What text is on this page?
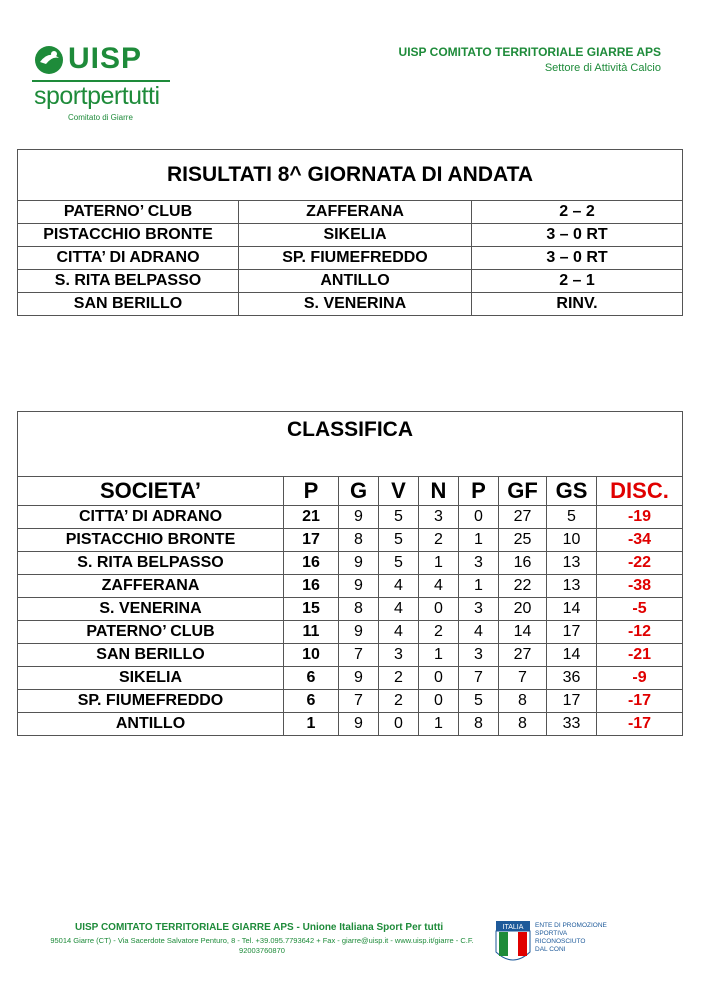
UISP
sportpertutti
Comitato di Giarre
UISP COMITATO TERRITORIALE GIARRE APS
Settore di Attività Calcio
RISULTATI 8^ GIORNATA DI ANDATA		
PATERNO’ CLUB	ZAFFERANA	2 – 2
PISTACCHIO BRONTE	SIKELIA	3 – 0 RT
CITTA’ DI ADRANO	SP. FIUMEFREDDO	3 – 0 RT
S. RITA BELPASSO	ANTILLO	2 – 1
SAN BERILLO	S. VENERINA	RINV.
CLASSIFICA								
SOCIETA’	P	G	V	N	P	GF	GS	DISC.
CITTA’ DI ADRANO	21	9	5	3	0	27	5	-19
PISTACCHIO BRONTE	17	8	5	2	1	25	10	-34
S. RITA BELPASSO	16	9	5	1	3	16	13	-22
ZAFFERANA	16	9	4	4	1	22	13	-38
S. VENERINA	15	8	4	0	3	20	14	-5
PATERNO’ CLUB	11	9	4	2	4	14	17	-12
SAN BERILLO	10	7	3	1	3	27	14	-21
SIKELIA	6	9	2	0	7	7	36	-9
SP. FIUMEFREDDO	6	7	2	0	5	8	17	-17
ANTILLO	1	9	0	1	8	8	33	-17
UISP COMITATO TERRITORIALE GIARRE APS - Unione Italiana Sport Per tutti
95014 Giarre (CT) - Via Sacerdote Salvatore Penturo, 8 - Tel. +39.095.7793642 + Fax - giarre@uisp.it - www.uisp.it/giarre - C.F. 92003760870
ITALIA ENTE DI PROMOZIONE
SPORTIVA
RICONOSCIUTO
DAL CONI
